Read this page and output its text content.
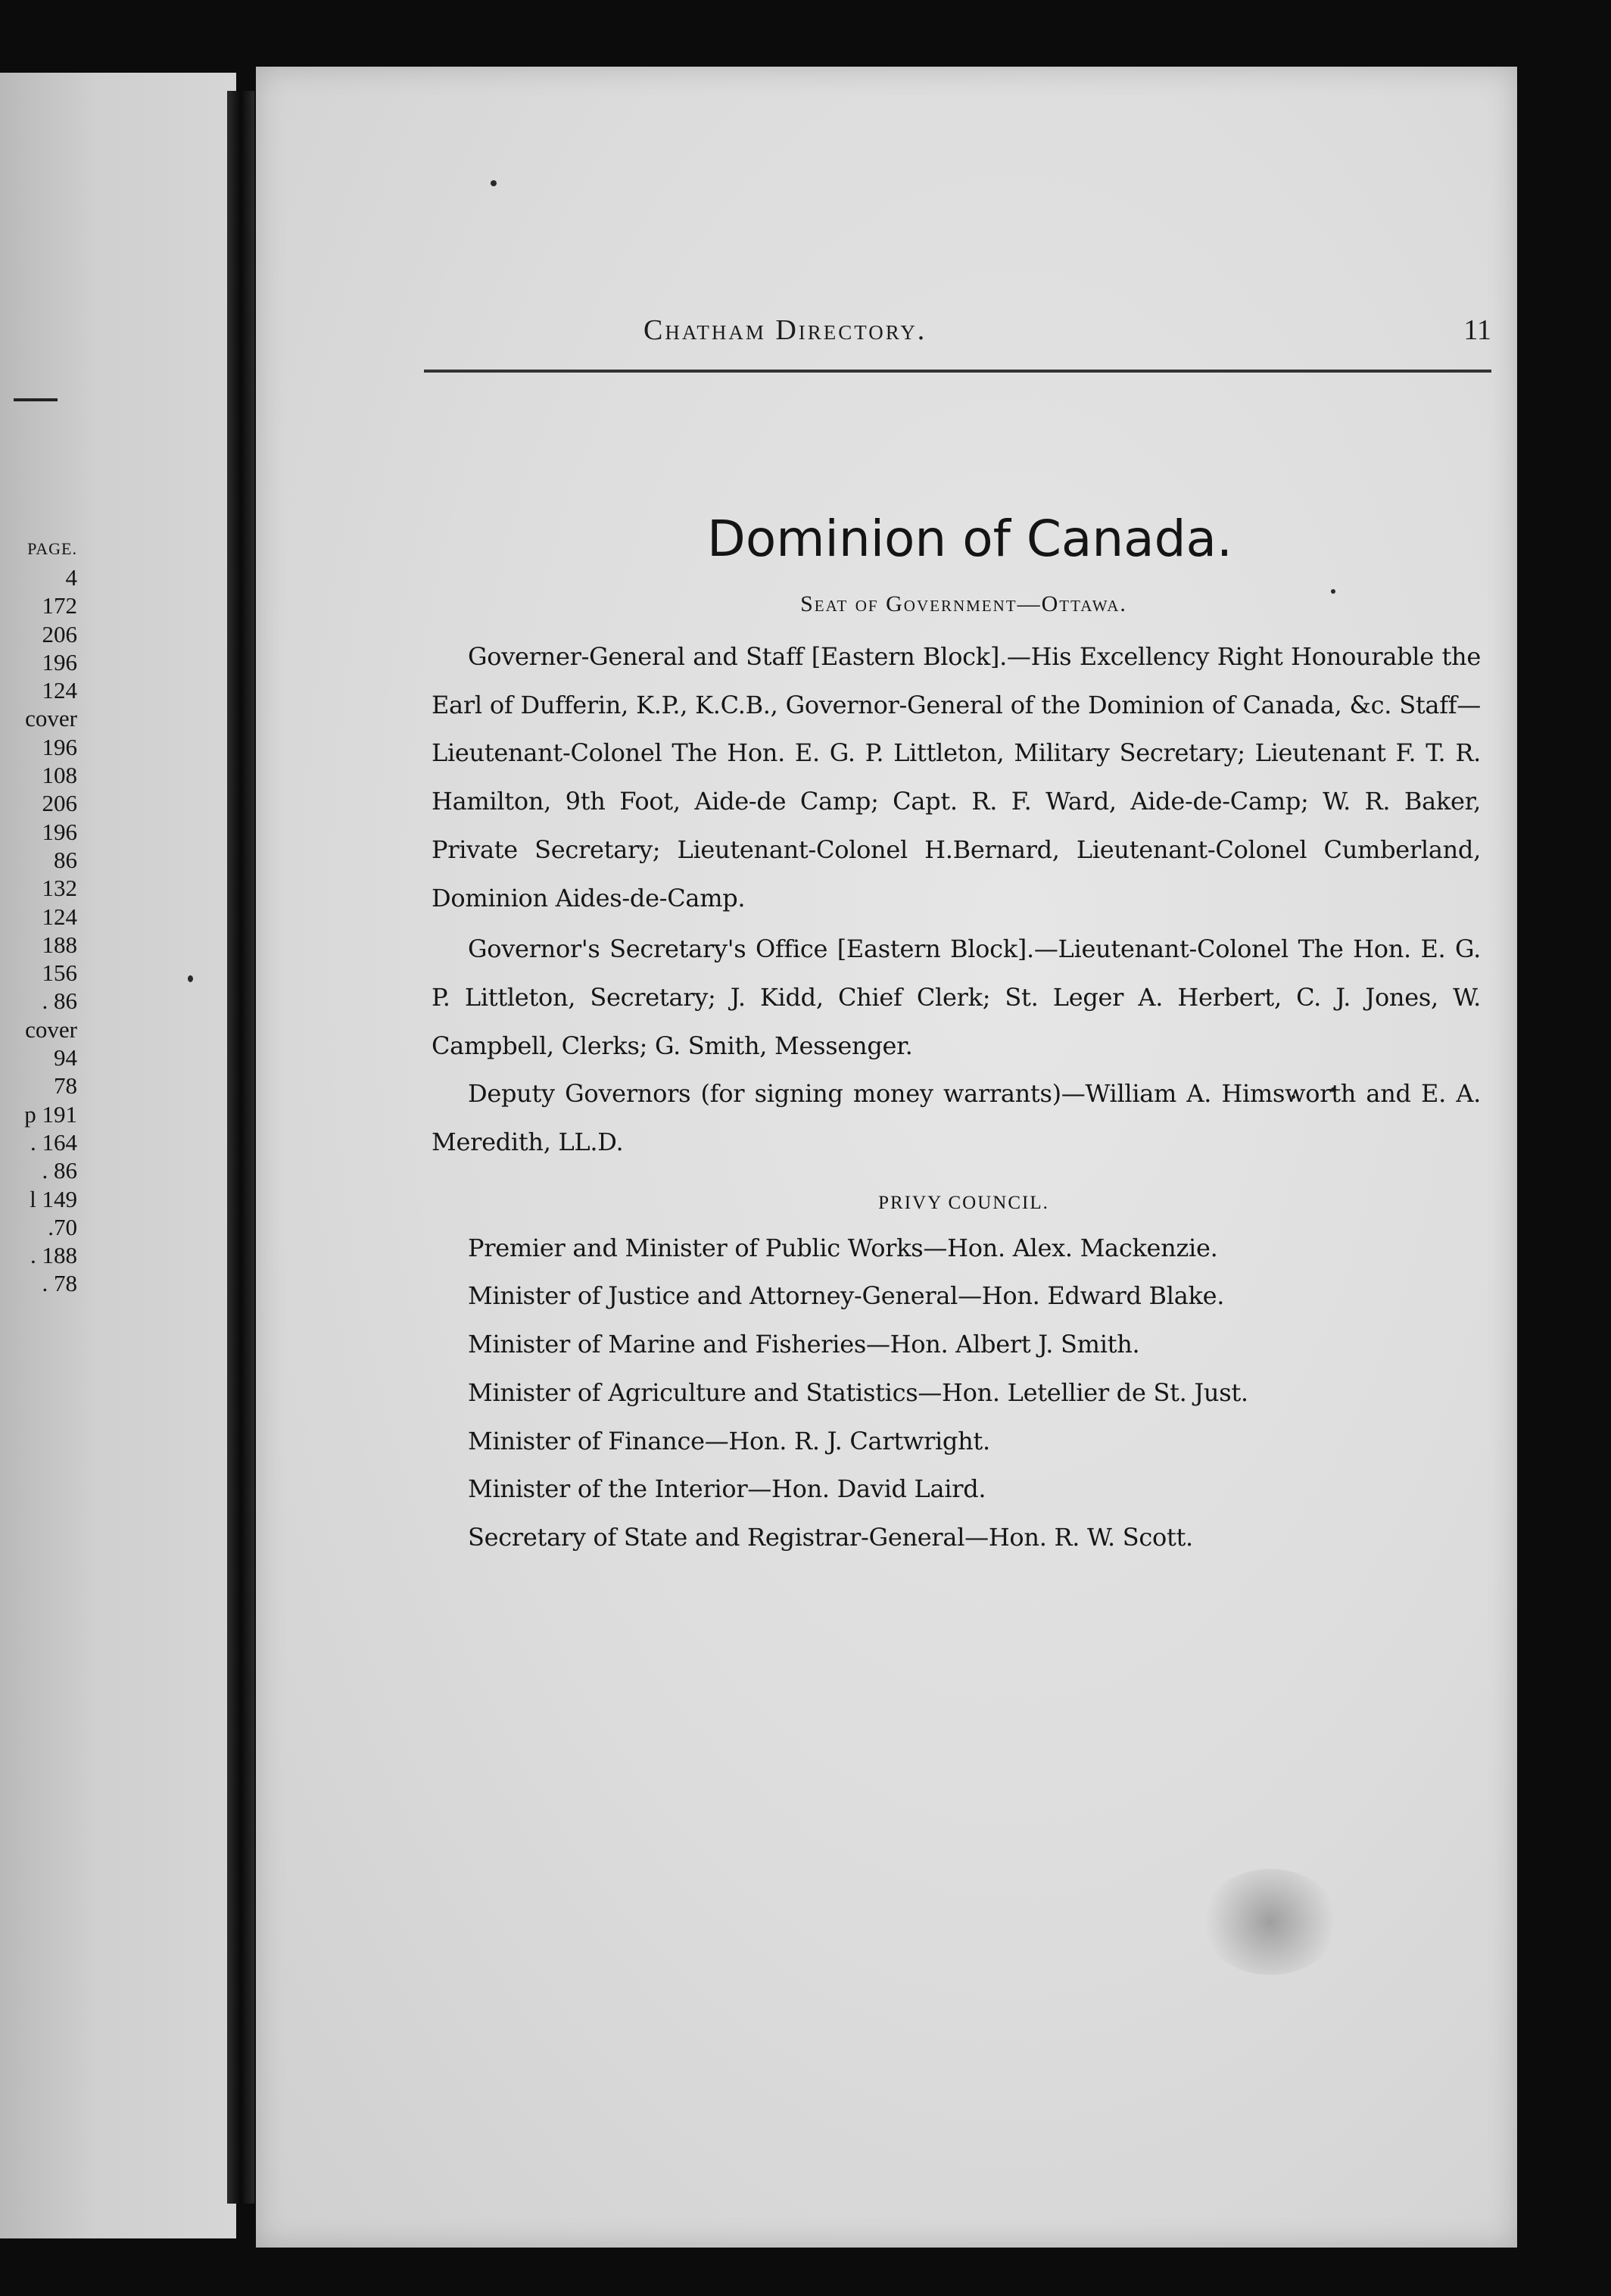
PAGE.
4
172
206
196
124
cover
196
108
206
196
86
132
124
188
156
. 86
cover
94
78
p 191
. 164
. 86
l 149
.70
. 188
. 78
Chatham Directory.	11
Dominion of Canada.
Seat of Government—Ottawa.

Governer-General and Staff [Eastern Block].—His Excellency Right Honourable the Earl of Dufferin, K.P., K.C.B., Governor-General of the Dominion of Canada, &c. Staff—Lieutenant-Colonel The Hon. E. G. P. Littleton, Military Secretary; Lieutenant F. T. R. Hamilton, 9th Foot, Aide-de Camp; Capt. R. F. Ward, Aide-de-Camp; W. R. Baker, Private Secretary; Lieutenant-Colonel H.Bernard, Lieutenant-Colonel Cumberland, Dominion Aides-de-Camp.

Governor's Secretary's Office [Eastern Block].—Lieutenant-Colonel The Hon. E. G. P. Littleton, Secretary; J. Kidd, Chief Clerk; St. Leger A. Herbert, C. J. Jones, W. Campbell, Clerks; G. Smith, Messenger.

Deputy Governors (for signing money warrants)—William A. Himsworth and E. A. Meredith, LL.D.

PRIVY COUNCIL.

Premier and Minister of Public Works—Hon. Alex. Mackenzie.

Minister of Justice and Attorney-General—Hon. Edward Blake.

Minister of Marine and Fisheries—Hon. Albert J. Smith.

Minister of Agriculture and Statistics—Hon. Letellier de St. Just.

Minister of Finance—Hon. R. J. Cartwright.

Minister of the Interior—Hon. David Laird.

Secretary of State and Registrar-General—Hon. R. W. Scott.
